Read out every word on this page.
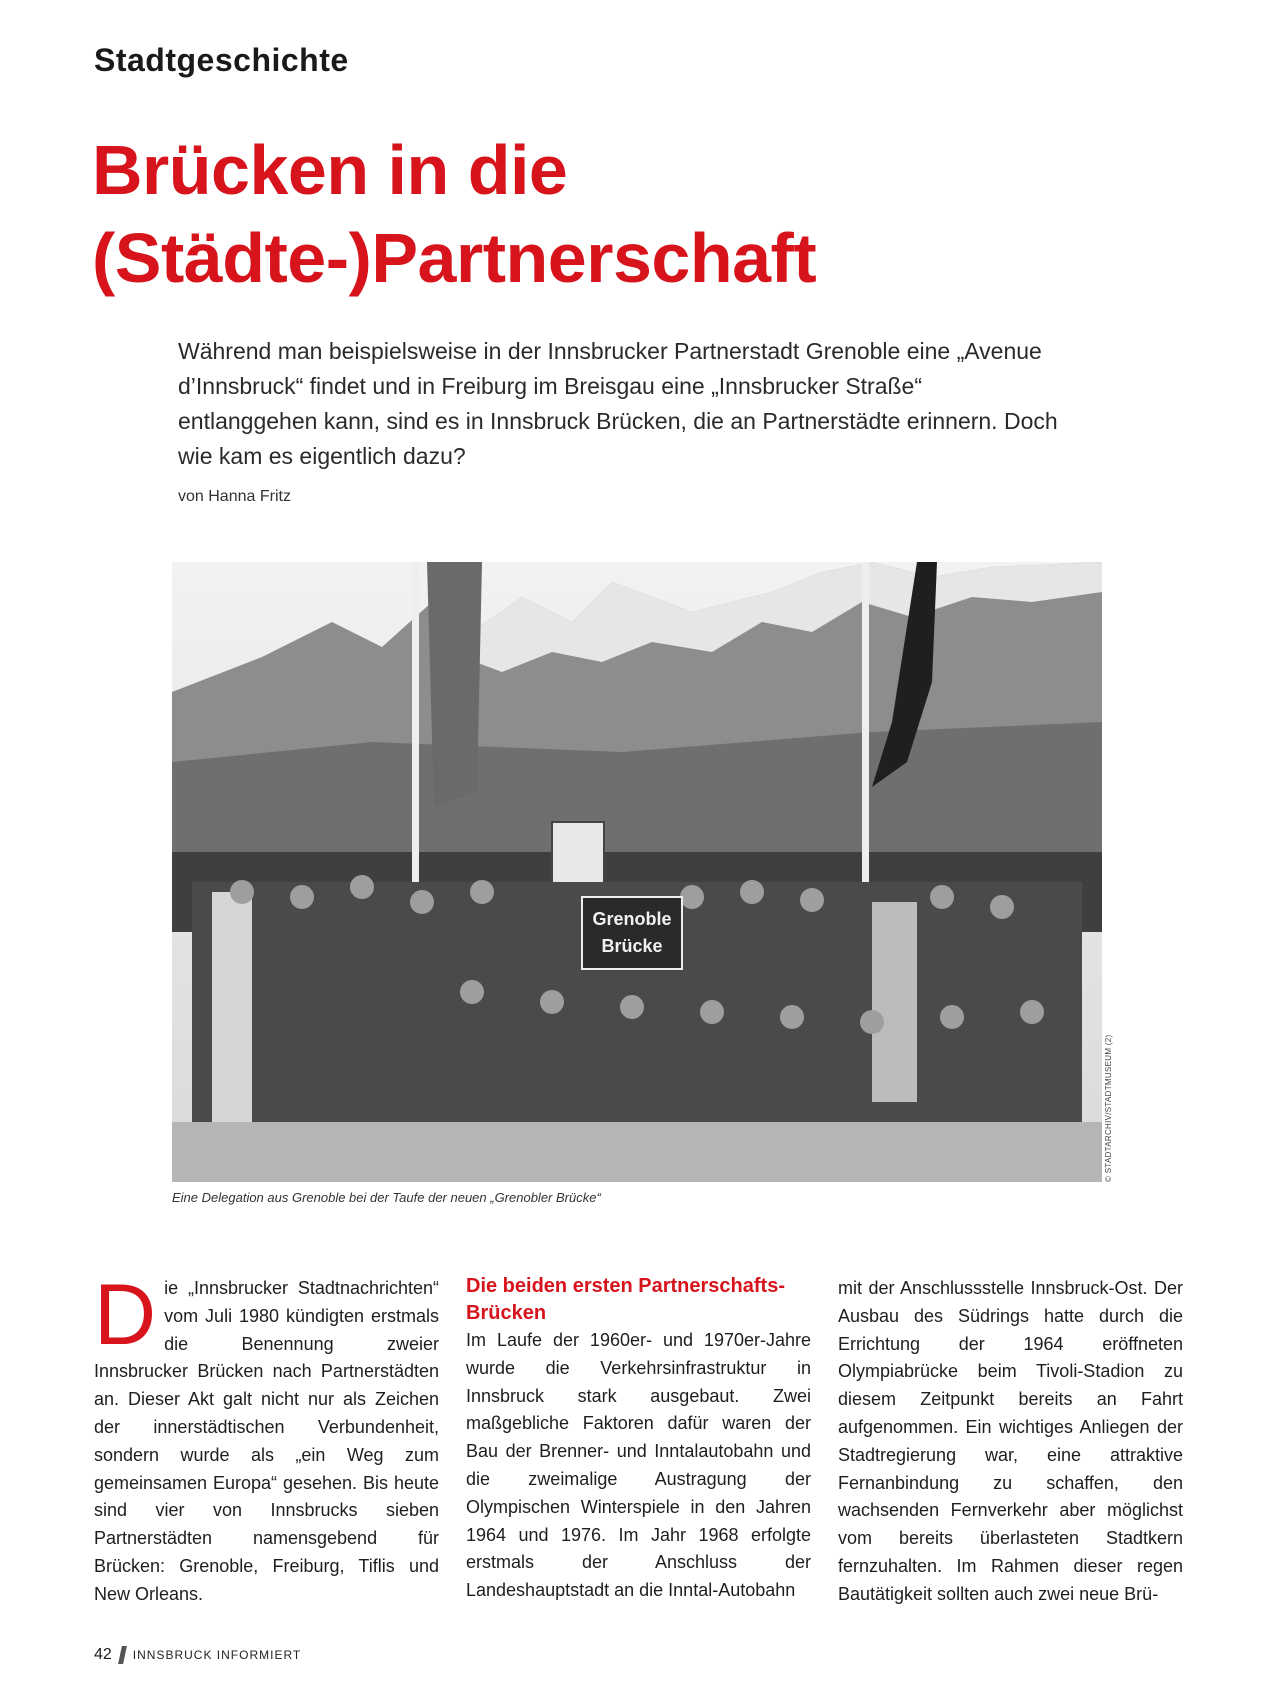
Stadtgeschichte
Brücken in die
(Städte-)Partnerschaft

Während man beispielsweise in der Innsbrucker Partnerstadt Grenoble eine „Avenue d’Innsbruck“ findet und in Freiburg im Breisgau eine „Innsbrucker Straße“ entlanggehen kann, sind es in Innsbruck Brücken, die an Partnerstädte erinnern. Doch wie kam es eigentlich dazu?

von Hanna Fritz
Grenoble
Brücke
© STADTARCHIV/STADTMUSEUM (2)
Eine Delegation aus Grenoble bei der Taufe der neuen „Grenobler Brücke“

Die „Innsbrucker Stadtnachrichten“ vom Juli 1980 kündigten erstmals die Benennung zweier Innsbrucker Brücken nach Partnerstädten an. Dieser Akt galt nicht nur als Zeichen der innerstädtischen Verbundenheit, sondern wurde als „ein Weg zum gemeinsamen Europa“ gesehen. Bis heute sind vier von Innsbrucks sieben Partnerstädten namensgebend für Brücken: Grenoble, Freiburg, Tiflis und New Orleans.

Die beiden ersten Partnerschafts-Brücken
Im Laufe der 1960er- und 1970er-Jahre wurde die Verkehrsinfrastruktur in Innsbruck stark ausgebaut. Zwei maßgebliche Faktoren dafür waren der Bau der Brenner- und Inntalautobahn und die zweimalige Austragung der Olympischen Winterspiele in den Jahren 1964 und 1976. Im Jahr 1968 erfolgte erstmals der Anschluss der Landeshauptstadt an die Inntal-Autobahn

mit der Anschlussstelle Innsbruck-Ost. Der Ausbau des Südrings hatte durch die Errichtung der 1964 eröffneten Olympiabrücke beim Tivoli-Stadion zu diesem Zeitpunkt bereits an Fahrt aufgenommen. Ein wichtiges Anliegen der Stadtregierung war, eine attraktive Fernanbindung zu schaffen, den wachsenden Fernverkehr aber möglichst vom bereits überlasteten Stadtkern fernzuhalten. Im Rahmen dieser regen Bautätigkeit sollten auch zwei neue Brü-

42 INNSBRUCK INFORMIERT
